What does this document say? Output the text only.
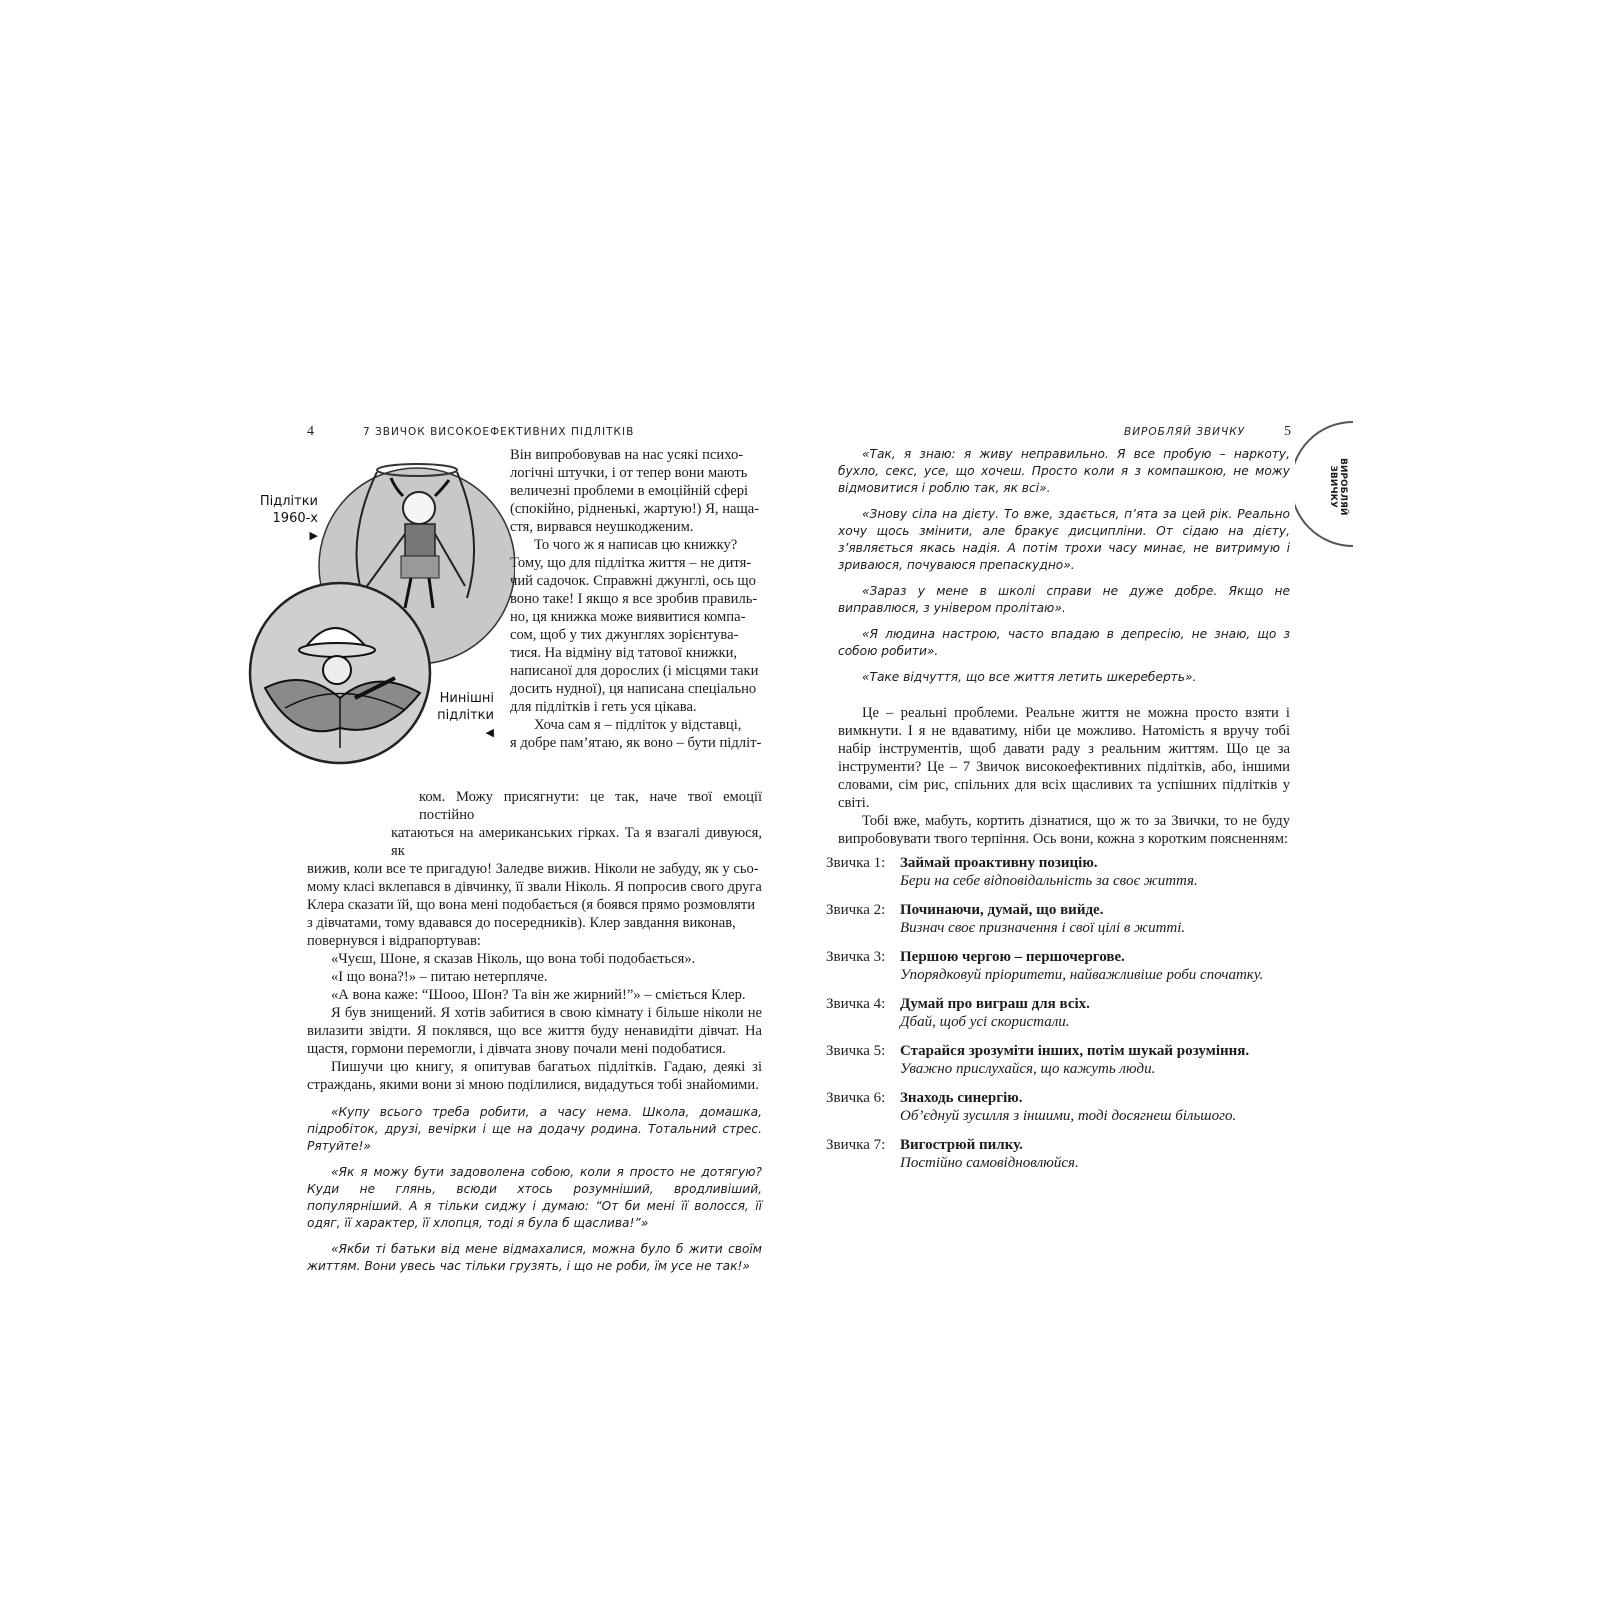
4	7 ЗВИЧОК ВИСОКОЕФЕКТИВНИХ ПІДЛІТКІВ
Підлітки 1960-х
▶
Нинішні підлітки
◀

Він випробовував на нас усякі психо-

логічні штучки, і от тепер вони мають

величезні проблеми в емоційній сфері

(спокійно, рідненькі, жартую!) Я, наща-

стя, вирвався неушкодженим.

То чого ж я написав цю книжку?

Тому, що для підлітка життя – не дитя-

чий садочок. Справжні джунглі, ось що

воно таке! І якщо я все зробив правиль-

но, ця книжка може виявитися компа-

сом, щоб у тих джунглях зорієнтува-

тися. На відміну від татової книжки,

написаної для дорослих (і місцями таки

досить нудної), ця написана спеціально

для підлітків і геть уся цікава.

Хоча сам я – підліток у відставці,

я добре пам’ятаю, як воно – бути підліт-

ком. Можу присягнути: це так, наче твої емоції постійно

катаються на американських гірках. Та я взагалі дивуюся, як

вижив, коли все те пригадую! Заледве вижив. Ніколи не забуду, як у сьо-

мому класі вклепався в дівчинку, її звали Ніколь. Я попросив свого друга

Клера сказати їй, що вона мені подобається (я боявся прямо розмовляти

з дівчатами, тому вдавався до посередників). Клер завдання виконав,

повернувся і відрапортував:

«Чуєш, Шоне, я сказав Ніколь, що вона тобі подобається».

«І що вона?!» – питаю нетерпляче.

«А вона каже: “Шооо, Шон? Та він же жирний!”» – сміється Клер.

Я був знищений. Я хотів забитися в свою кімнату і більше ніколи не вилазити звідти. Я поклявся, що все життя буду ненавидіти дівчат. На щастя, гормони перемогли, і дівчата знову почали мені подобатися.

Пишучи цю книгу, я опитував багатьох підлітків. Гадаю, деякі зі страждань, якими вони зі мною поділилися, видадуться тобі знайомими.

«Купу всього треба робити, а часу нема. Школа, домашка, підробіток, друзі, вечірки і ще на додачу родина. Тотальний стрес. Рятуйте!»

«Як я можу бути задоволена собою, коли я просто не дотягую? Куди не глянь, всюди хтось розумніший, вродливіший, популярніший. А я тільки сиджу і думаю: “От би мені її волосся, її одяг, її характер, її хлопця, тоді я була б щаслива!”»

«Якби ті батьки від мене відмахалися, можна було б жити своїм життям. Вони увесь час тільки грузять, і що не роби, їм усе не так!»

ВИРОБЛЯЙ ЗВИЧКУ	5
ВИРОБЛЯЙ
ЗВИЧКУ

«Так, я знаю: я живу неправильно. Я все пробую – наркоту, бухло, секс, усе, що хочеш. Просто коли я з компашкою, не можу відмовитися і роблю так, як всі».

«Знову сіла на дієту. То вже, здається, п’ята за цей рік. Реально хочу щось змінити, але бракує дисципліни. От сідаю на дієту, з’являється якась надія. А потім трохи часу минає, не витримую і зриваюся, почуваюся препаскудно».

«Зараз у мене в школі справи не дуже добре. Якщо не виправлюся, з універом пролітаю».

«Я людина настрою, часто впадаю в депресію, не знаю, що з собою робити».

«Таке відчуття, що все життя летить шкереберть».

Це – реальні проблеми. Реальне життя не можна просто взяти і вимкнути. І я не вдаватиму, ніби це можливо. Натомість я вручу тобі набір інструментів, щоб давати раду з реальним життям. Що це за інструменти? Це – 7 Звичок високоефективних підлітків, або, іншими словами, сім рис, спільних для всіх щасливих та успішних підлітків у світі.

Тобі вже, мабуть, кортить дізнатися, що ж то за Звички, то не буду випробовувати твого терпіння. Ось вони, кожна з коротким поясненням:

Звичка 1: Займай проактивну позицію.
Бери на себе відповідальність за своє життя.
Звичка 2: Починаючи, думай, що вийде.
Визнач своє призначення і свої цілі в житті.
Звичка 3: Першою чергою – першочергове.
Упорядковуй пріоритети, найважливіше роби спочатку.
Звичка 4: Думай про виграш для всіх.
Дбай, щоб усі скористали.
Звичка 5: Старайся зрозуміти інших, потім шукай розуміння.
Уважно прислухайся, що кажуть люди.
Звичка 6: Знаходь синергію.
Об’єднуй зусилля з іншими, тоді досягнеш більшого.
Звичка 7: Вигострюй пилку.
Постійно самовідновлюйся.
